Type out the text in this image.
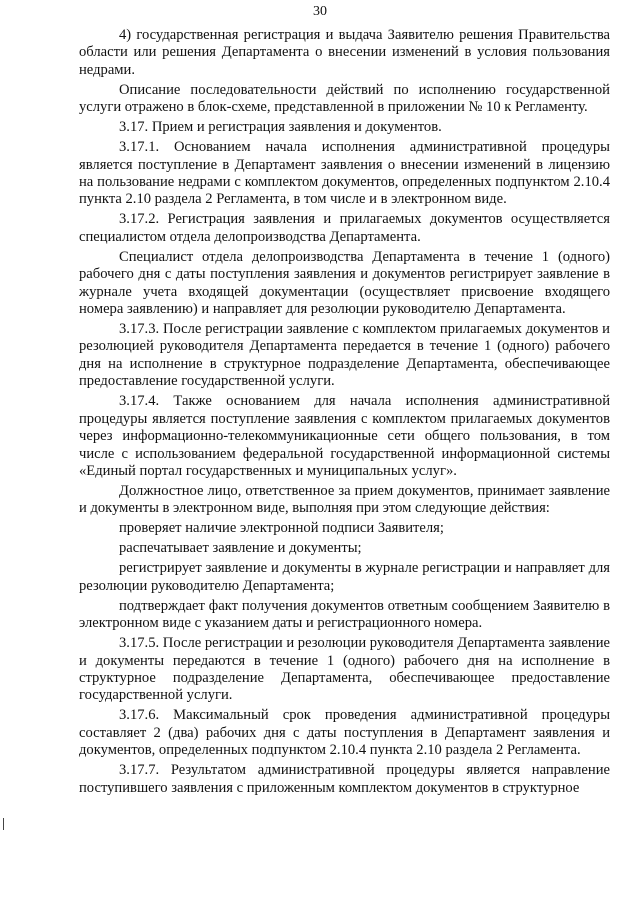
30

4) государственная регистрация и выдача Заявителю решения Правительства области или решения Департамента о внесении изменений в условия пользования недрами.

Описание последовательности действий по исполнению государственной услуги отражено в блок-схеме, представленной в приложении № 10 к Регламенту.

3.17. Прием и регистрация заявления и документов.

3.17.1. Основанием начала исполнения административной процедуры является поступление в Департамент заявления о внесении изменений в лицензию на пользование недрами с комплектом документов, определенных подпунктом 2.10.4 пункта 2.10 раздела 2 Регламента, в том числе и в электронном виде.

3.17.2. Регистрация заявления и прилагаемых документов осуществляется специалистом отдела делопроизводства Департамента.

Специалист отдела делопроизводства Департамента в течение 1 (одного) рабочего дня с даты поступления заявления и документов регистрирует заявление в журнале учета входящей документации (осуществляет присвоение входящего номера заявлению) и направляет для резолюции руководителю Департамента.

3.17.3. После регистрации заявление с комплектом прилагаемых документов и резолюцией руководителя Департамента передается в течение 1 (одного) рабочего дня на исполнение в структурное подразделение Департамента, обеспечивающее предоставление государственной услуги.

3.17.4. Также основанием для начала исполнения административной процедуры является поступление заявления с комплектом прилагаемых документов через информационно-телекоммуникационные сети общего пользования, в том числе с использованием федеральной государственной информационной системы «Единый портал государственных и муниципальных услуг».

Должностное лицо, ответственное за прием документов, принимает заявление и документы в электронном виде, выполняя при этом следующие действия:

проверяет наличие электронной подписи Заявителя;

распечатывает заявление и документы;

регистрирует заявление и документы в журнале регистрации и направляет для резолюции руководителю Департамента;

подтверждает факт получения документов ответным сообщением Заявителю в электронном виде с указанием даты и регистрационного номера.

3.17.5. После регистрации и резолюции руководителя Департамента заявление и документы передаются в течение 1 (одного) рабочего дня на исполнение в структурное подразделение Департамента, обеспечивающее предоставление государственной услуги.

3.17.6. Максимальный срок проведения административной процедуры составляет 2 (два) рабочих дня с даты поступления в Департамент заявления и документов, определенных подпунктом 2.10.4 пункта 2.10 раздела 2 Регламента.

3.17.7. Результатом административной процедуры является направление поступившего заявления с приложенным комплектом документов в структурное
